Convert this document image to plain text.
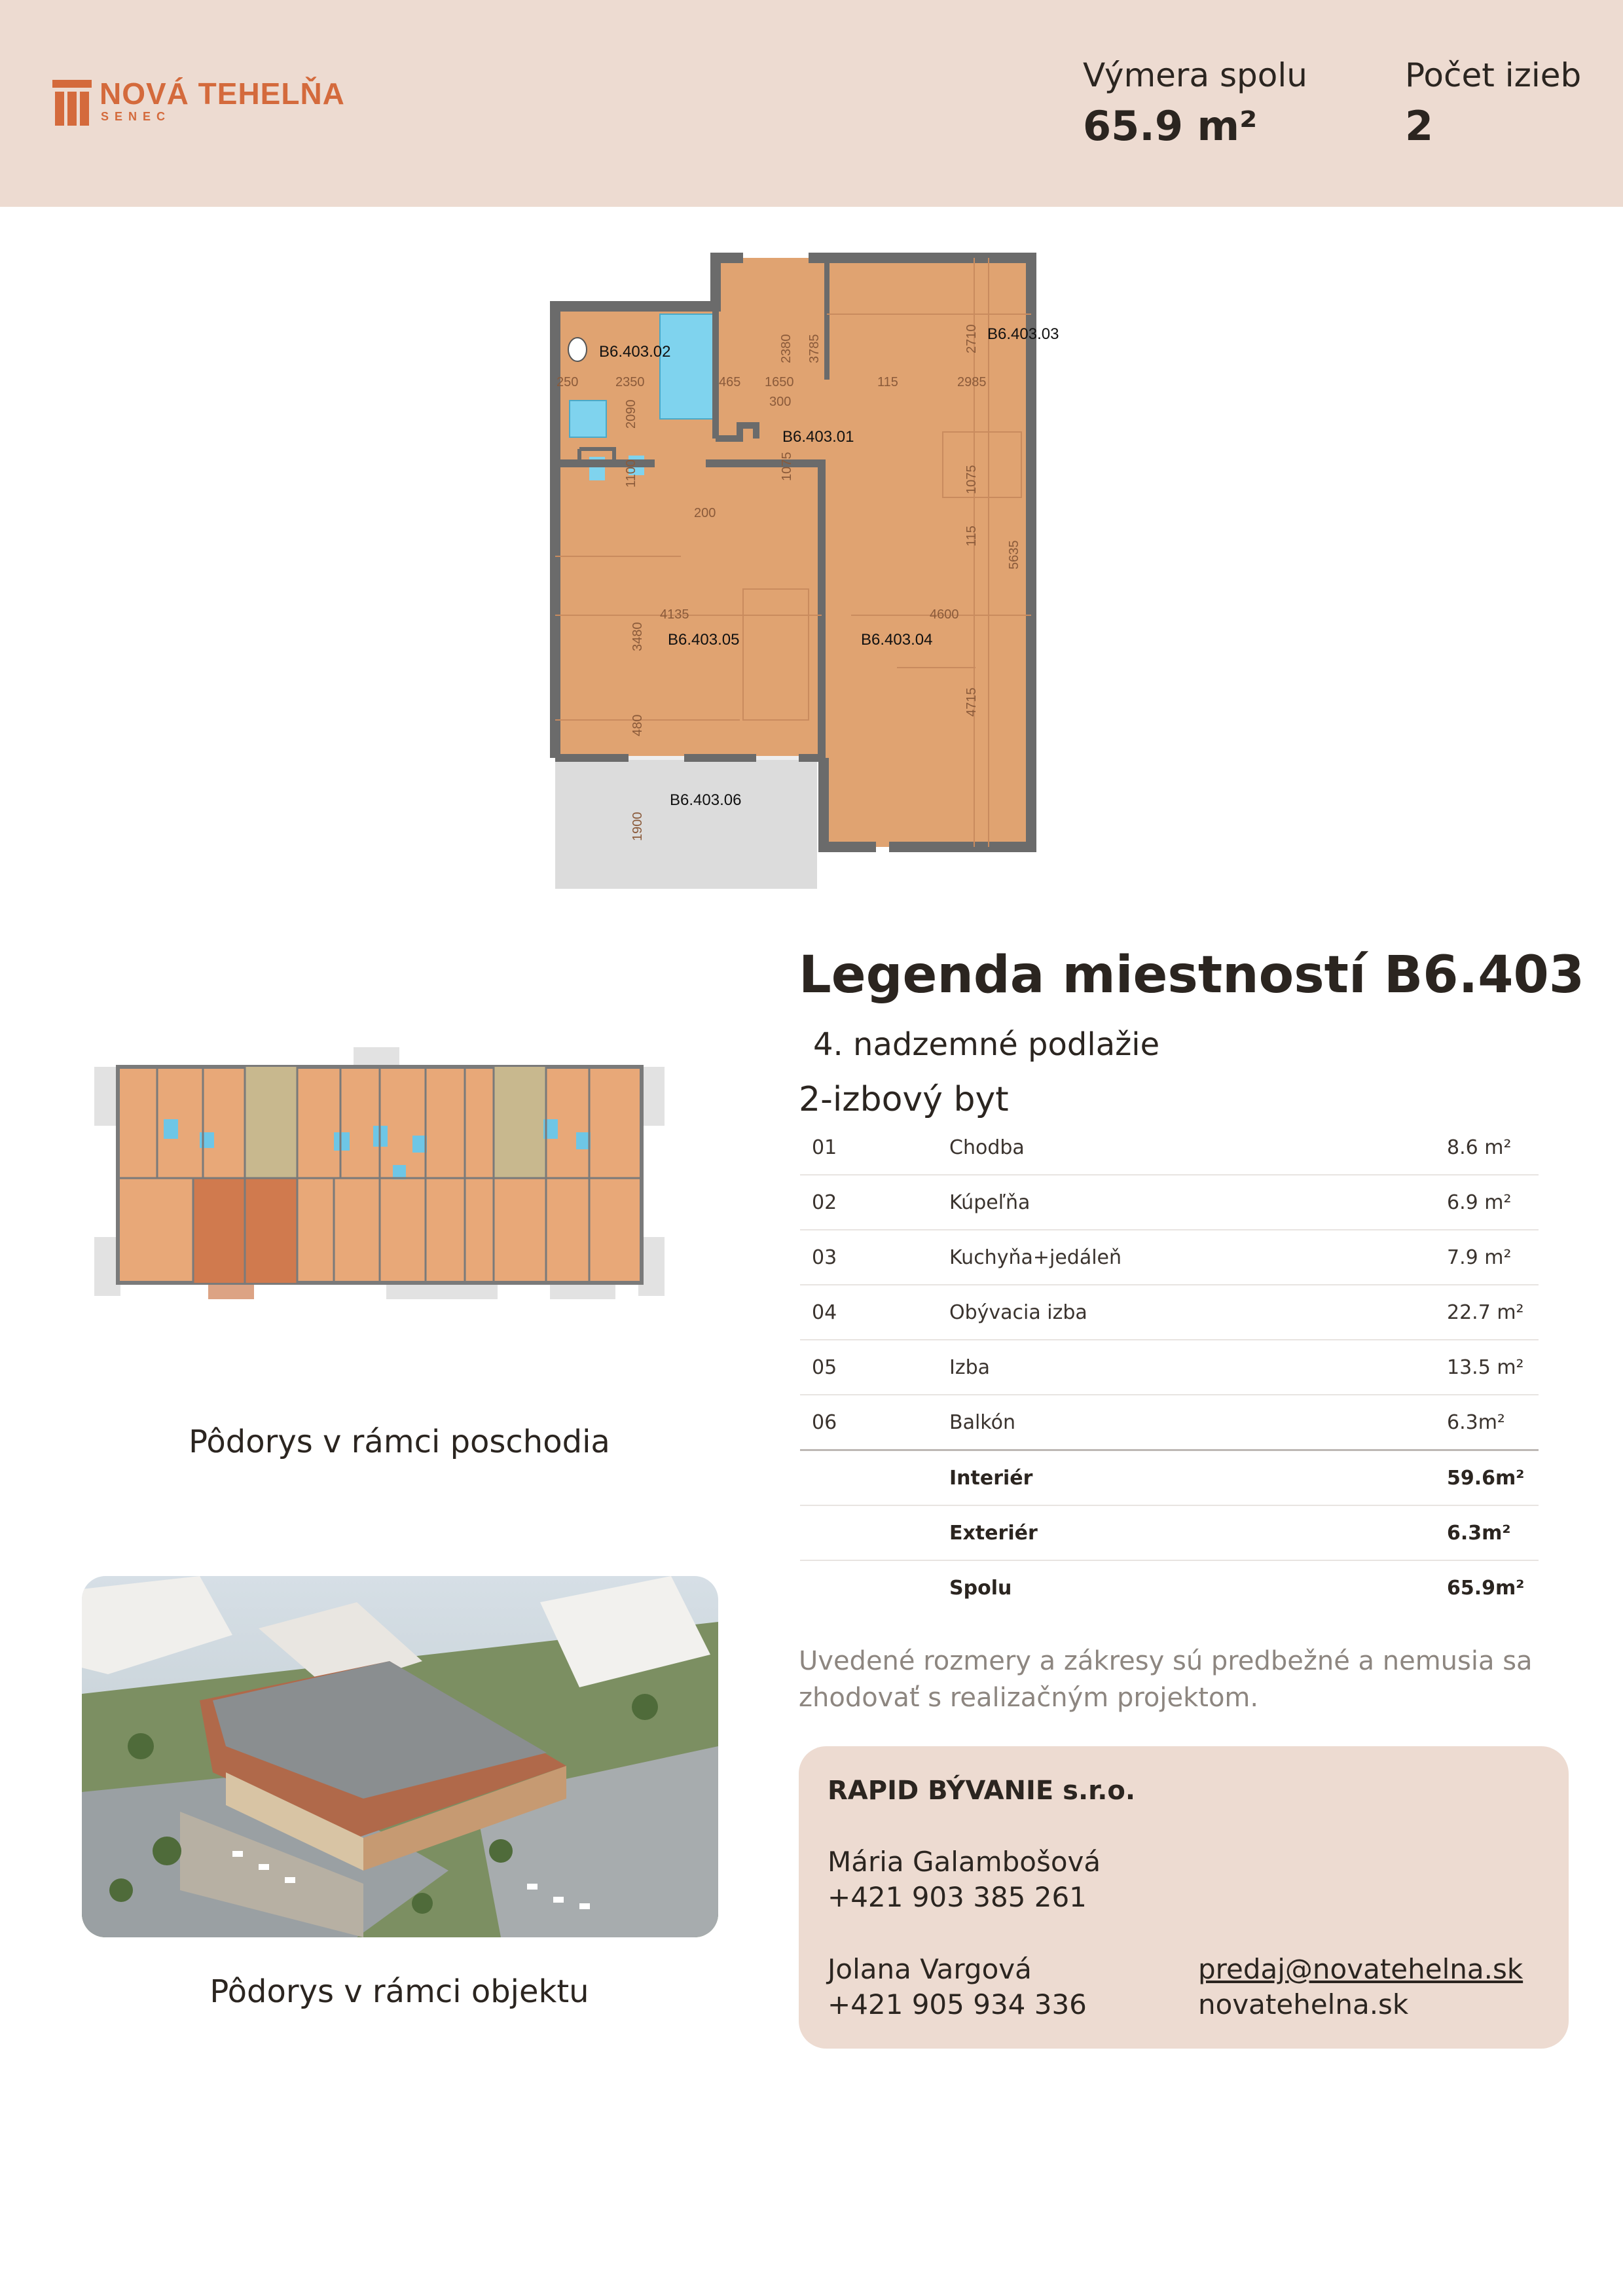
NOVÁ TEHELŇA
SENEC
Výmera spolu
65.9 m²
Počet izieb
2
B6.403.02
B6.403.01
B6.403.03
B6.403.04
B6.403.05
B6.403.06
250	2350
2090
1100
465 1650
2380 3785
300
2710
115	2985
1075	1075
115
5635
4135
3480
4600
4715
480
1900
200
Pôdorys v rámci poschodia
Pôdorys v rámci objektu
Legenda miestností B6.403
4. nadzemné podlažie
2-izbový byt
01	Chodba	8.6 m²
02	Kúpeľňa	6.9 m²
03	Kuchyňa+jedáleň	7.9 m²
04	Obývacia izba	22.7 m²
05	Izba	13.5 m²
06	Balkón	6.3m²
	Interiér	59.6m²
	Exteriér	6.3m²
	Spolu	65.9m²
Uvedené rozmery a zákresy sú predbežné a nemusia sa zhodovať s realizačným projektom.
RAPID BÝVANIE s.r.o.
Mária Galambošová
+421 903 385 261
Jolana Vargová
+421 905 934 336
predaj@novatehelna.sk
novatehelna.sk
